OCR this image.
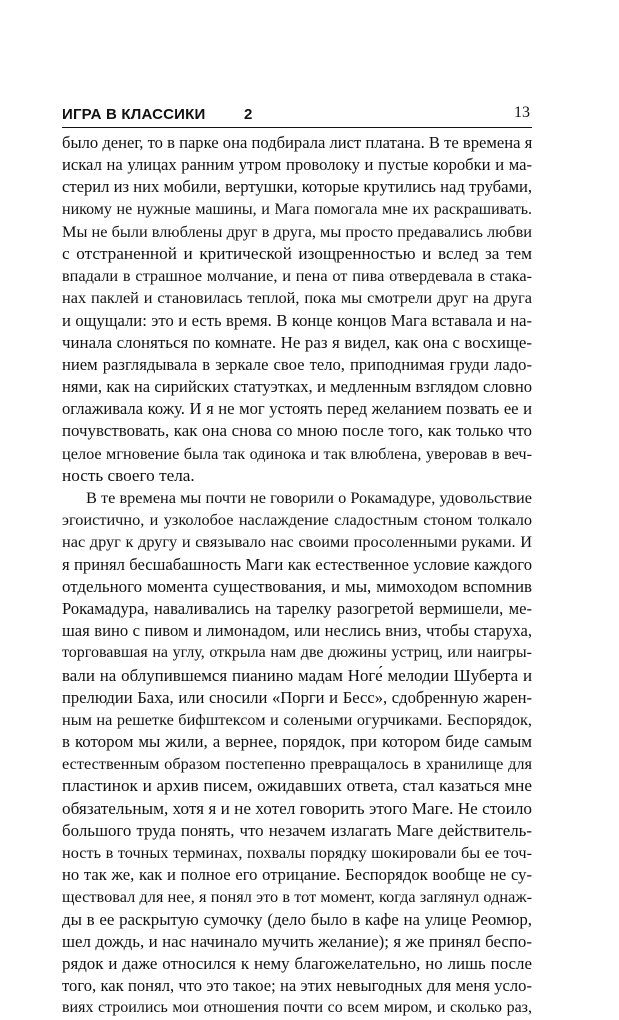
ИГРА В КЛАССИКИ	2	13
было денег, то в парке она подбирала лист платана. В те времена я
искал на улицах ранним утром проволоку и пустые коробки и ма-
стерил из них мобили, вертушки, которые крутились над трубами,
никому не нужные машины, и Мага помогала мне их раскрашивать.
Мы не были влюблены друг в друга, мы просто предавались любви
с отстраненной и критической изощренностью и вслед за тем
впадали в страшное молчание, и пена от пива отвердевала в стака-
нах паклей и становилась теплой, пока мы смотрели друг на друга
и ощущали: это и есть время. В конце концов Мага вставала и на-
чинала слоняться по комнате. Не раз я видел, как она с восхище-
нием разглядывала в зеркале свое тело, приподнимая груди ладо-
нями, как на сирийских статуэтках, и медленным взглядом словно
оглаживала кожу. И я не мог устоять перед желанием позвать ее и
почувствовать, как она снова со мною после того, как только что
целое мгновение была так одинока и так влюблена, уверовав в веч-
ность своего тела.
В те времена мы почти не говорили о Рокамадуре, удовольствие
эгоистично, и узколобое наслаждение сладостным стоном толкало
нас друг к другу и связывало нас своими просоленными руками. И
я принял бесшабашность Маги как естественное условие каждого
отдельного момента существования, и мы, мимоходом вспомнив
Рокамадура, наваливались на тарелку разогретой вермишели, ме-
шая вино с пивом и лимонадом, или неслись вниз, чтобы старуха,
торговавшая на углу, открыла нам две дюжины устриц, или наигры-
вали на облупившемся пианино мадам Ноге́ мелодии Шуберта и
прелюдии Баха, или сносили «Порги и Бесс», сдобренную жарен-
ным на решетке бифштексом и солеными огурчиками. Беспорядок,
в котором мы жили, а вернее, порядок, при котором биде самым
естественным образом постепенно превращалось в хранилище для
пластинок и архив писем, ожидавших ответа, стал казаться мне
обязательным, хотя я и не хотел говорить этого Маге. Не стоило
большого труда понять, что незачем излагать Маге действитель-
ность в точных терминах, похвалы порядку шокировали бы ее точ-
но так же, как и полное его отрицание. Беспорядок вообще не су-
ществовал для нее, я понял это в тот момент, когда заглянул однаж-
ды в ее раскрытую сумочку (дело было в кафе на улице Реомюр,
шел дождь, и нас начинало мучить желание); я же принял беспо-
рядок и даже относился к нему благожелательно, но лишь после
того, как понял, что это такое; на этих невыгодных для меня усло-
виях строились мои отношения почти со всем миром, и сколько раз,
